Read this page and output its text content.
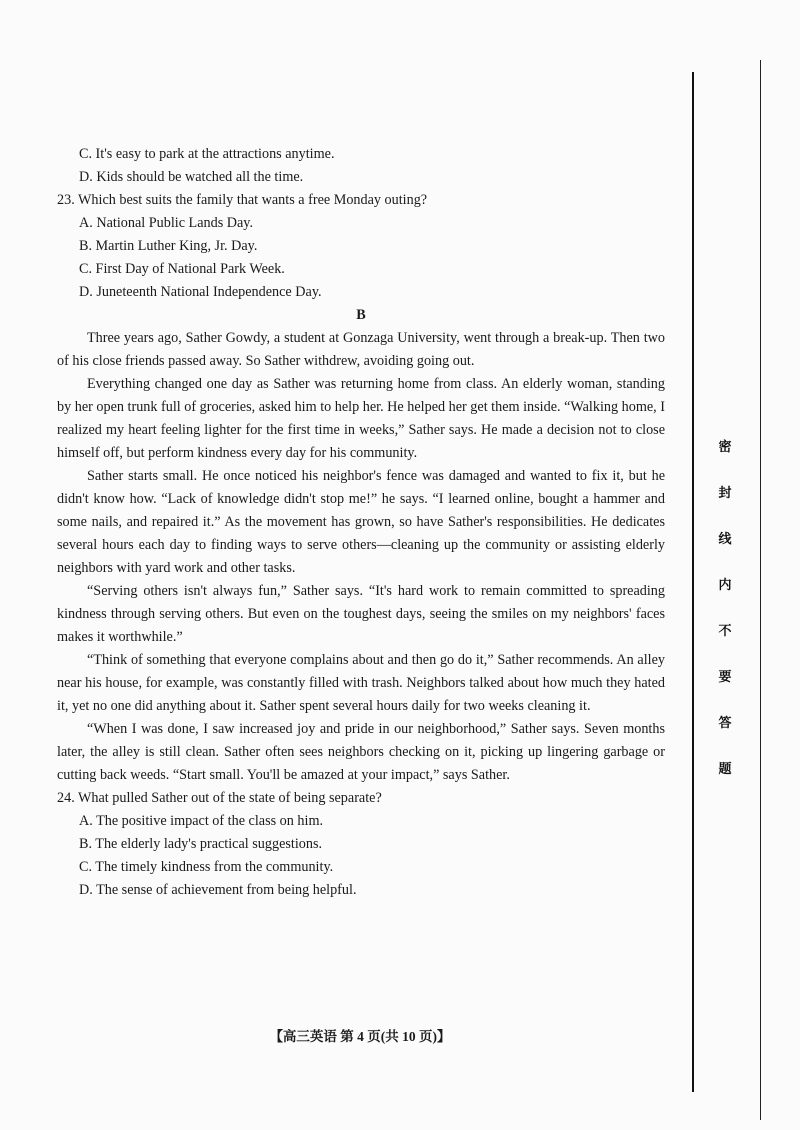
C. It's easy to park at the attractions anytime.
D. Kids should be watched all the time.
23. Which best suits the family that wants a free Monday outing?
A. National Public Lands Day.
B. Martin Luther King, Jr. Day.
C. First Day of National Park Week.
D. Juneteenth National Independence Day.
B

Three years ago, Sather Gowdy, a student at Gonzaga University, went through a break-up. Then two of his close friends passed away. So Sather withdrew, avoiding going out.

Everything changed one day as Sather was returning home from class. An elderly woman, standing by her open trunk full of groceries, asked him to help her. He helped her get them inside. “Walking home, I realized my heart feeling lighter for the first time in weeks,” Sather says. He made a decision not to close himself off, but perform kindness every day for his community.

Sather starts small. He once noticed his neighbor's fence was damaged and wanted to fix it, but he didn't know how. “Lack of knowledge didn't stop me!” he says. “I learned online, bought a hammer and some nails, and repaired it.” As the movement has grown, so have Sather's responsibilities. He dedicates several hours each day to finding ways to serve others—cleaning up the community or assisting elderly neighbors with yard work and other tasks.

“Serving others isn't always fun,” Sather says. “It's hard work to remain committed to spreading kindness through serving others. But even on the toughest days, seeing the smiles on my neighbors' faces makes it worthwhile.”

“Think of something that everyone complains about and then go do it,” Sather recommends. An alley near his house, for example, was constantly filled with trash. Neighbors talked about how much they hated it, yet no one did anything about it. Sather spent several hours daily for two weeks cleaning it.

“When I was done, I saw increased joy and pride in our neighborhood,” Sather says. Seven months later, the alley is still clean. Sather often sees neighbors checking on it, picking up lingering garbage or cutting back weeds. “Start small. You'll be amazed at your impact,” says Sather.

24. What pulled Sather out of the state of being separate?
A. The positive impact of the class on him.
B. The elderly lady's practical suggestions.
C. The timely kindness from the community.
D. The sense of achievement from being helpful.
【高三英语 第 4 页(共 10 页)】
密
封
线
内
不
要
答
题
